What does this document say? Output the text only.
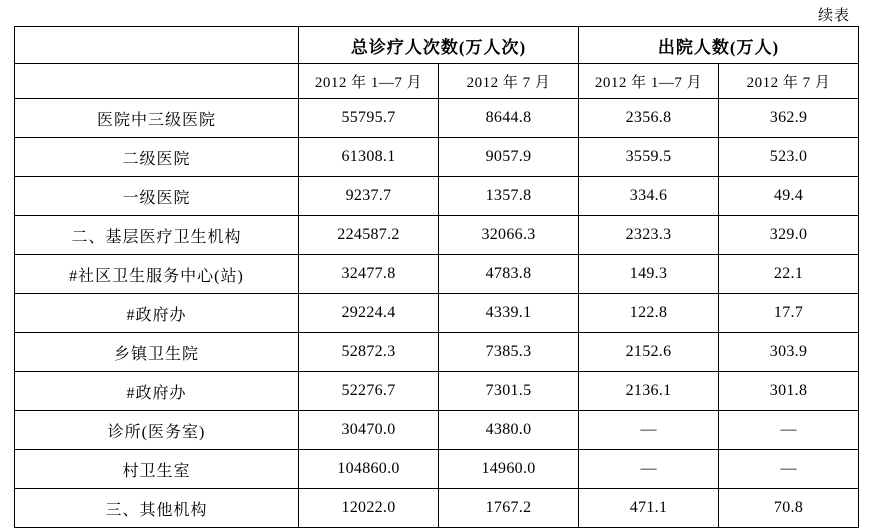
续表
	总诊疗人次数(万人次)		出院人数(万人)	
	2012 年 1—7 月	2012 年 7 月	2012 年 1—7 月	2012 年 7 月
医院中三级医院	55795.7	8644.8	2356.8	362.9
二级医院	61308.1	9057.9	3559.5	523.0
一级医院	9237.7	1357.8	334.6	49.4
二、基层医疗卫生机构	224587.2	32066.3	2323.3	329.0
#社区卫生服务中心(站)	32477.8	4783.8	149.3	22.1
#政府办	29224.4	4339.1	122.8	17.7
乡镇卫生院	52872.3	7385.3	2152.6	303.9
#政府办	52276.7	7301.5	2136.1	301.8
诊所(医务室)	30470.0	4380.0	—	—
村卫生室	104860.0	14960.0	—	—
三、其他机构	12022.0	1767.2	471.1	70.8
